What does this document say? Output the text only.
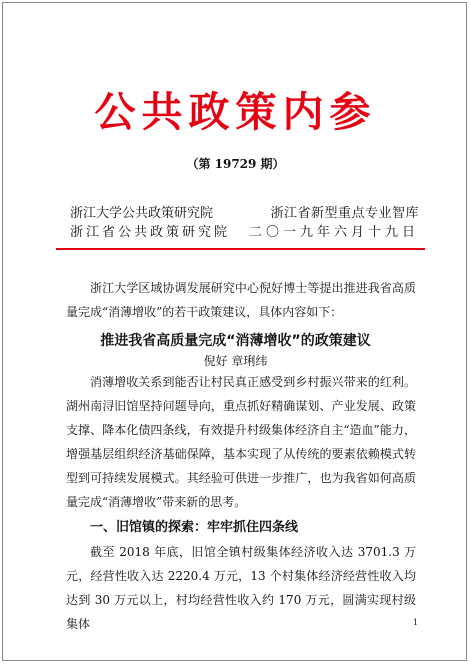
公共政策内参
（第 19729 期）
浙江大学公共政策研究院	浙江省新型重点专业智库
浙江省公共政策研究院 二〇一九年六月十九日

浙江大学区域协调发展研究中心倪好博士等提出推进我省高质量完成“消薄增收”的若干政策建议，具体内容如下：

推进我省高质量完成“消薄增收”的政策建议
倪好 章琍纬

消薄增收关系到能否让村民真正感受到乡村振兴带来的红利。湖州南浔旧馆坚持问题导向，重点抓好精确谋划、产业发展、政策支撑、降本化债四条线，有效提升村级集体经济自主“造血”能力，增强基层组织经济基础保障，基本实现了从传统的要素依赖模式转型到可持续发展模式。其经验可供进一步推广，也为我省如何高质量完成“消薄增收”带来新的思考。

一、旧馆镇的探索：牢牢抓住四条线

截至 2018 年底，旧馆全镇村级集体经济收入达 3701.3 万元，经营性收入达 2220.4 万元，13 个村集体经济经营性收入均达到 30 万元以上，村均经营性收入约 170 万元，圆满实现村级集体	1
